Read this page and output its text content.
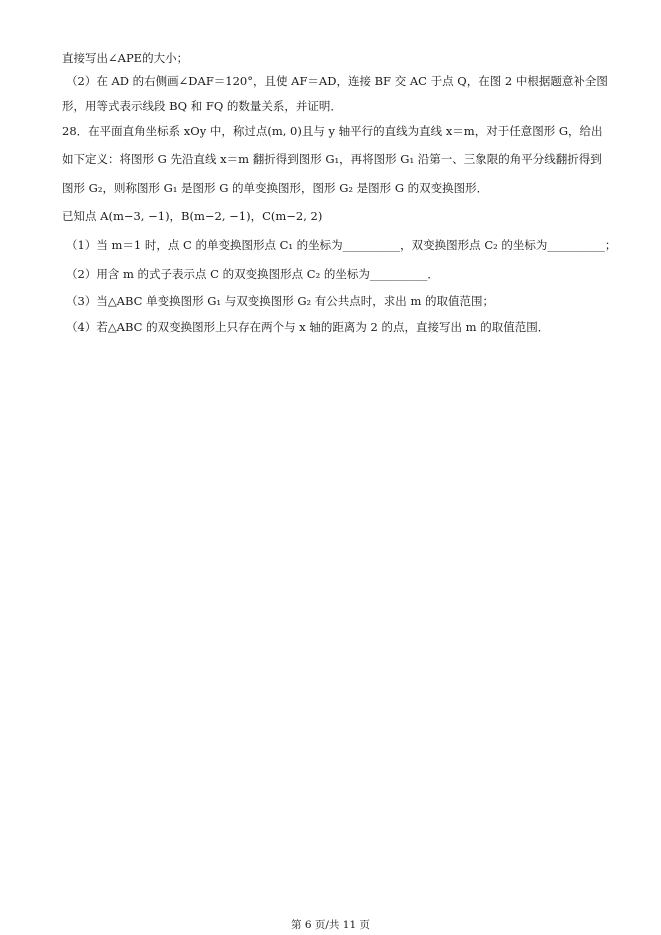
直接写出∠APE的大小；
（2）在 AD 的右侧画∠DAF＝120°，且使 AF＝AD，连接 BF 交 AC 于点 Q，在图 2 中根据题意补全图
形，用等式表示线段 BQ 和 FQ 的数量关系，并证明．
28．在平面直角坐标系 xOy 中，称过点(m, 0)且与 y 轴平行的直线为直线 x＝m，对于任意图形 G，给出
如下定义：将图形 G 先沿直线 x＝m 翻折得到图形 G₁，再将图形 G₁ 沿第一、三象限的角平分线翻折得到
图形 G₂，则称图形 G₁ 是图形 G 的单变换图形，图形 G₂ 是图形 G 的双变换图形．
已知点 A(m−3, −1)，B(m−2, −1)，C(m−2, 2)
（1）当 m＝1 时，点 C 的单变换图形点 C₁ 的坐标为__________，双变换图形点 C₂ 的坐标为__________；
（2）用含 m 的式子表示点 C 的双变换图形点 C₂ 的坐标为__________．
（3）当△ABC 单变换图形 G₁ 与双变换图形 G₂ 有公共点时，求出 m 的取值范围；
（4）若△ABC 的双变换图形上只存在两个与 x 轴的距离为 2 的点，直接写出 m 的取值范围．
第 6 页/共 11 页
